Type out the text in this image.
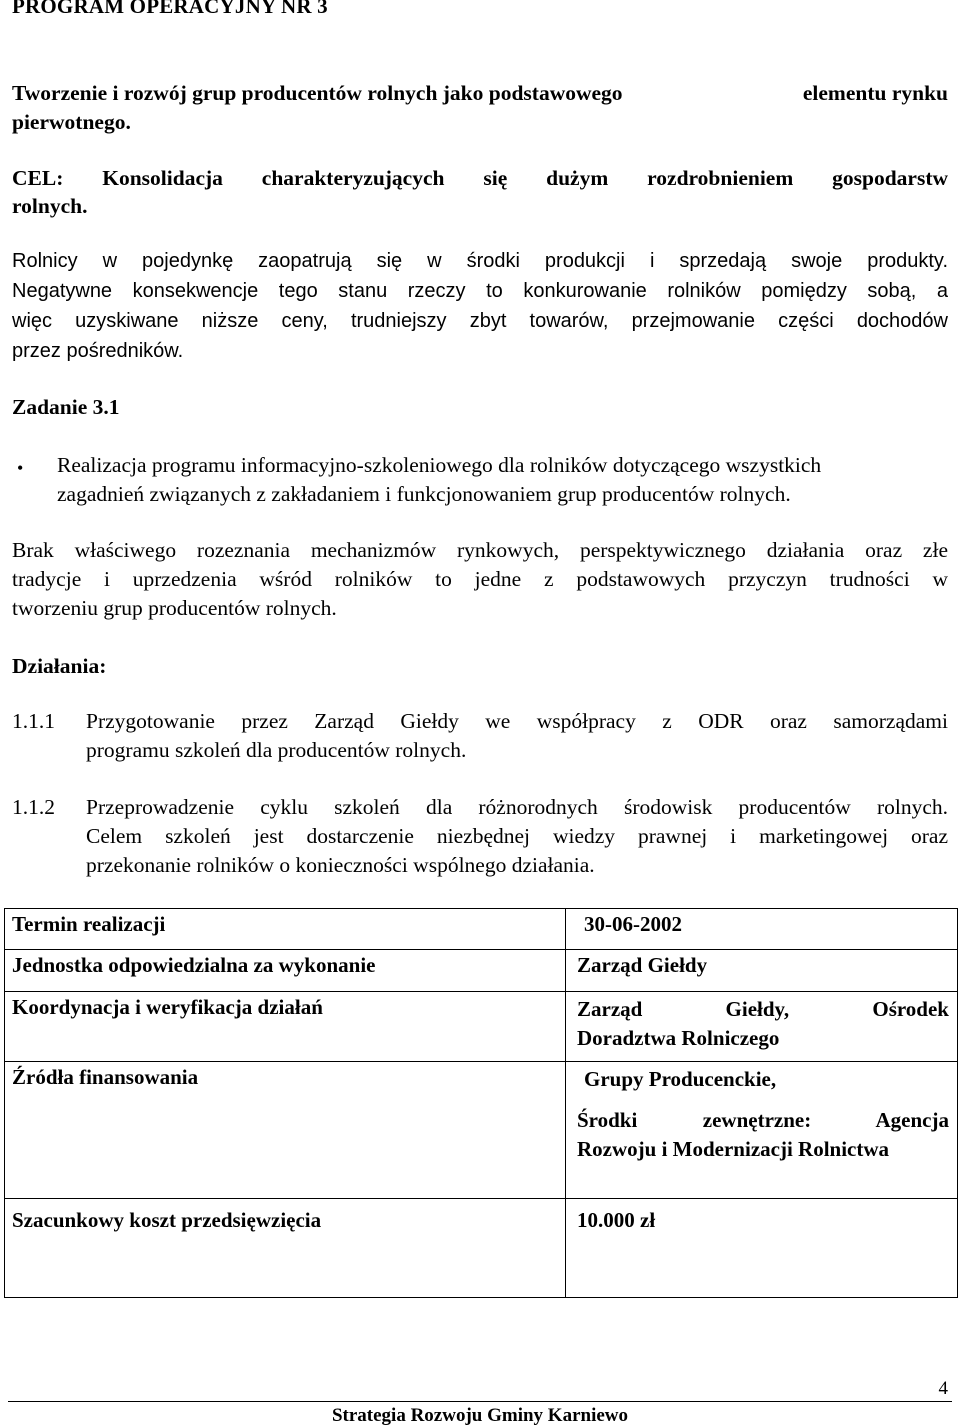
PROGRAM OPERACYJNY NR 3
Tworzenie i rozwój grup producentów rolnych jako podstawowego	elementu rynku
pierwotnego.
CEL: Konsolidacja charakteryzujących się dużym rozdrobnieniem gospodarstw
rolnych.
Rolnicy w pojedynkę zaopatrują się w środki produkcji i sprzedają swoje produkty.
Negatywne konsekwencje tego stanu rzeczy to konkurowanie rolników pomiędzy sobą, a
więc uzyskiwane niższe ceny, trudniejszy zbyt towarów, przejmowanie części dochodów
przez pośredników.
Zadanie 3.1
• Realizacja programu informacyjno-szkoleniowego dla rolników dotyczącego wszystkich
zagadnień związanych z zakładaniem i funkcjonowaniem grup producentów rolnych.
Brak właściwego rozeznania mechanizmów rynkowych, perspektywicznego działania oraz złe
tradycje i uprzedzenia wśród rolników to jedne z podstawowych przyczyn trudności w
tworzeniu grup producentów rolnych.
Działania:
1.1.1 Przygotowanie przez Zarząd Giełdy we współpracy z ODR oraz samorządami
programu szkoleń dla producentów rolnych.
1.1.2 Przeprowadzenie cyklu szkoleń dla różnorodnych środowisk producentów rolnych.
Celem szkoleń jest dostarczenie niezbędnej wiedzy prawnej i marketingowej oraz
przekonanie rolników o konieczności wspólnego działania.
Termin realizacji	30-06-2002

Jednostka odpowiedzialna za wykonanie	Zarząd Giełdy

Koordynacja i weryfikacja działań	Zarząd Giełdy, Ośrodek
Doradztwa Rolniczego

Źródła finansowania	Grupy Producenckie,
Środki zewnętrzne: Agencja
Rozwoju i Modernizacji Rolnictwa

Szacunkowy koszt przedsięwzięcia	10.000 zł
4
Strategia Rozwoju Gminy Karniewo
